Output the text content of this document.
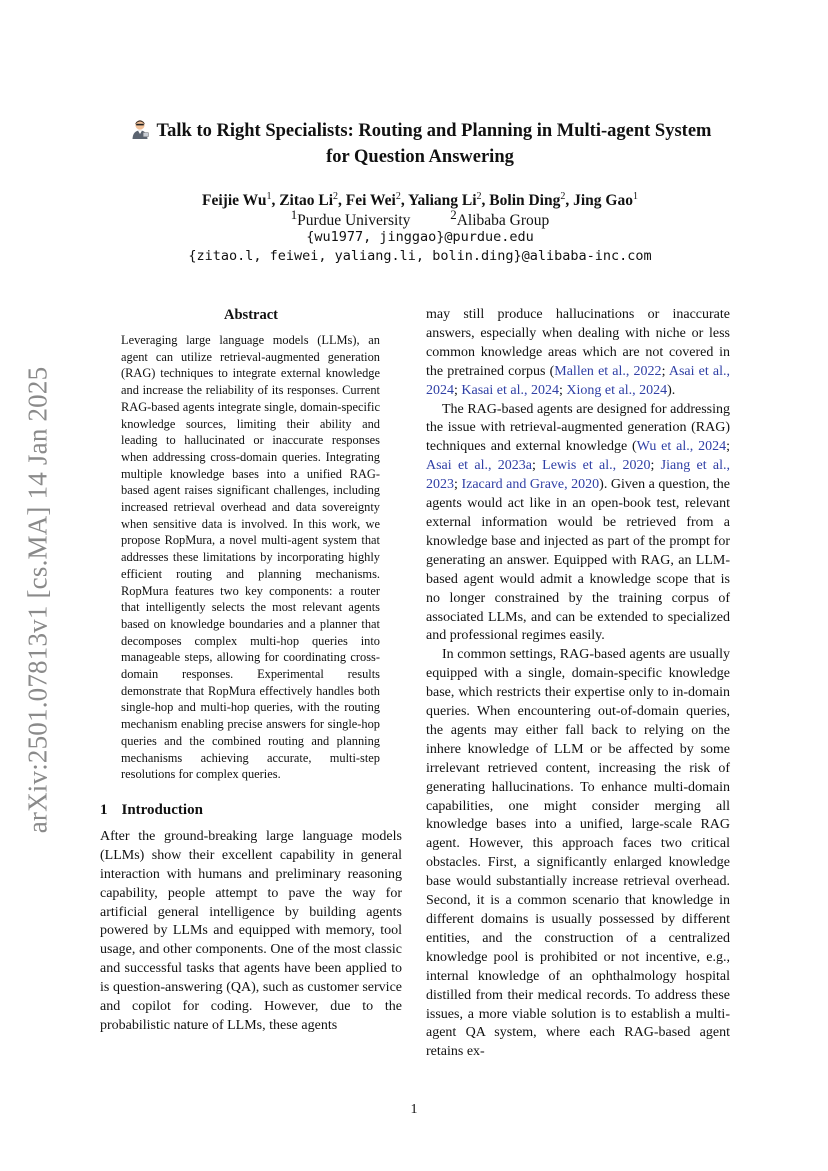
arXiv:2501.07813v1 [cs.MA] 14 Jan 2025
Talk to Right Specialists: Routing and Planning in Multi-agent System
for Question Answering
Feijie Wu$^1$, Zitao Li$^2$, Fei Wei$^2$, Yaliang Li$^2$, Bolin Ding$^2$, Jing Gao$^1$
$^1$Purdue University	$^2$Alibaba Group
{wu1977, jinggao}@purdue.edu
{zitao.l, feiwei, yaliang.li, bolin.ding}@alibaba-inc.com
Abstract

Leveraging large language models (LLMs), an agent can utilize retrieval-augmented generation (RAG) techniques to integrate external knowledge and increase the reliability of its responses. Current RAG-based agents integrate single, domain-specific knowledge sources, limiting their ability and leading to hallucinated or inaccurate responses when addressing cross-domain queries. Integrating multiple knowledge bases into a unified RAG-based agent raises significant challenges, including increased retrieval overhead and data sovereignty when sensitive data is involved. In this work, we propose RopMura, a novel multi-agent system that addresses these limitations by incorporating highly efficient routing and planning mechanisms. RopMura features two key components: a router that intelligently selects the most relevant agents based on knowledge boundaries and a planner that decomposes complex multi-hop queries into manageable steps, allowing for coordinating cross-domain responses. Experimental results demonstrate that RopMura effectively handles both single-hop and multi-hop queries, with the routing mechanism enabling precise answers for single-hop queries and the combined routing and planning mechanisms achieving accurate, multi-step resolutions for complex queries.

1 Introduction

After the ground-breaking large language models (LLMs) show their excellent capability in general interaction with humans and preliminary reasoning capability, people attempt to pave the way for artificial general intelligence by building agents powered by LLMs and equipped with memory, tool usage, and other components. One of the most classic and successful tasks that agents have been applied to is question-answering (QA), such as customer service and copilot for coding. However, due to the probabilistic nature of LLMs, these agents

may still produce hallucinations or inaccurate answers, especially when dealing with niche or less common knowledge areas which are not covered in the pretrained corpus (Mallen et al., 2022; Asai et al., 2024; Kasai et al., 2024; Xiong et al., 2024).

The RAG-based agents are designed for addressing the issue with retrieval-augmented generation (RAG) techniques and external knowledge (Wu et al., 2024; Asai et al., 2023a; Lewis et al., 2020; Jiang et al., 2023; Izacard and Grave, 2020). Given a question, the agents would act like in an open-book test, relevant external information would be retrieved from a knowledge base and injected as part of the prompt for generating an answer. Equipped with RAG, an LLM-based agent would admit a knowledge scope that is no longer constrained by the training corpus of associated LLMs, and can be extended to specialized and professional regimes easily.

In common settings, RAG-based agents are usually equipped with a single, domain-specific knowledge base, which restricts their expertise only to in-domain queries. When encountering out-of-domain queries, the agents may either fall back to relying on the inhere knowledge of LLM or be affected by some irrelevant retrieved content, increasing the risk of generating hallucinations. To enhance multi-domain capabilities, one might consider merging all knowledge bases into a unified, large-scale RAG agent. However, this approach faces two critical obstacles. First, a significantly enlarged knowledge base would substantially increase retrieval overhead. Second, it is a common scenario that knowledge in different domains is usually possessed by different entities, and the construction of a centralized knowledge pool is prohibited or not incentive, e.g., internal knowledge of an ophthalmology hospital distilled from their medical records. To address these issues, a more viable solution is to establish a multi-agent QA system, where each RAG-based agent retains ex-

1
